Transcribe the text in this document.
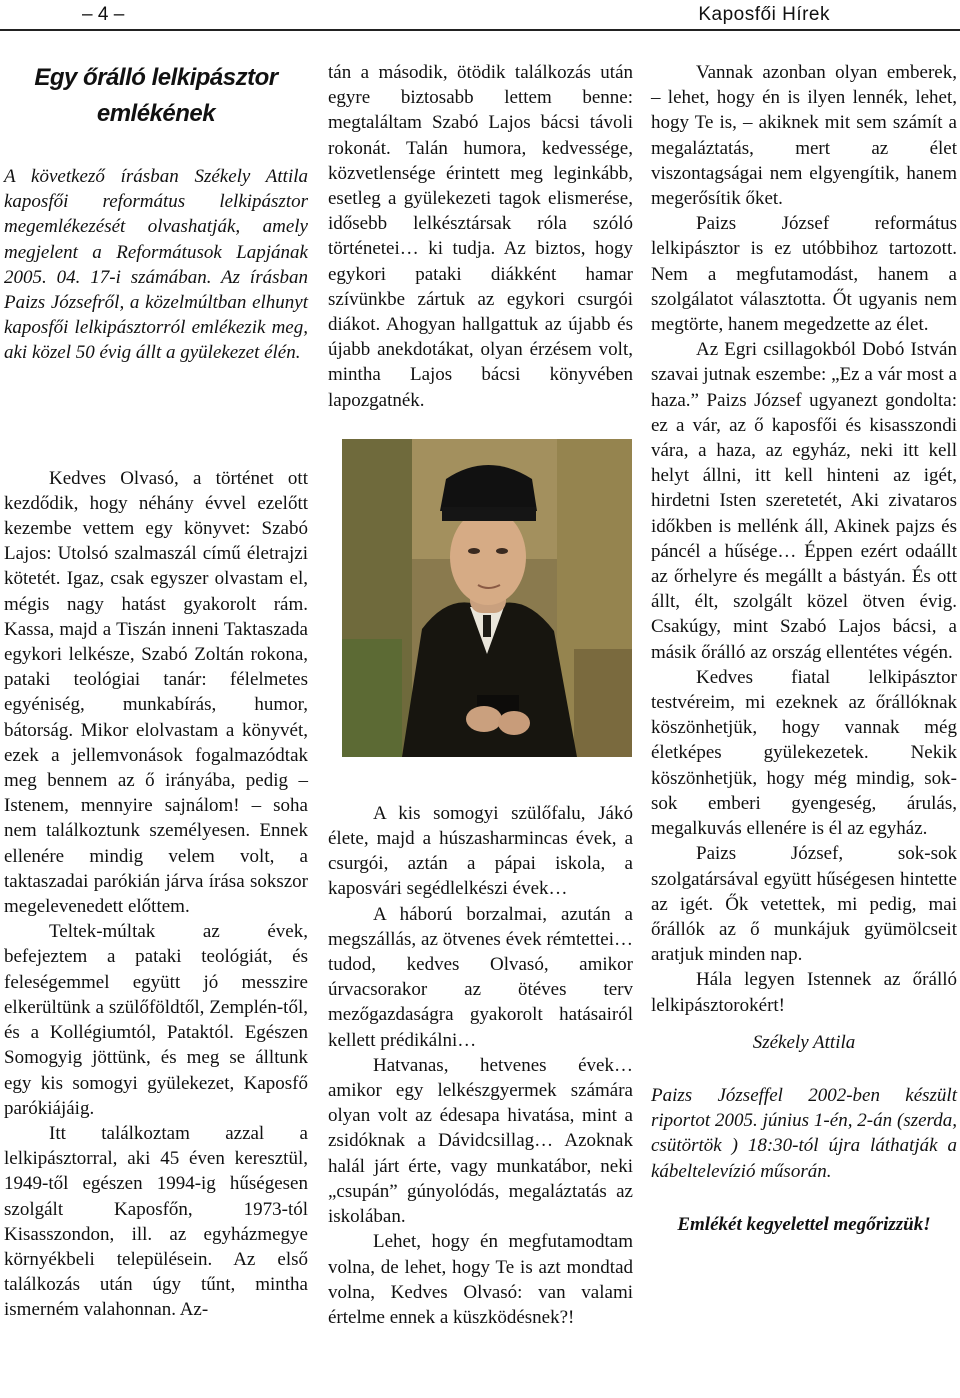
– 4 –	Kaposfői Hírek
Egy őrálló lelkipásztor
emlékének

A következő írásban Székely Attila kaposfői református lelkipásztor megemlékezését olvashatják, amely megjelent a Reformátusok Lapjának 2005. 04. 17-i számában. Az írásban Paizs Józsefről, a közelmúltban elhunyt kaposfői lelkipásztorról emlékezik meg, aki közel 50 évig állt a gyülekezet élén.

Kedves Olvasó, a történet ott kezdődik, hogy néhány évvel ezelőtt kezembe vettem egy könyvet: Szabó Lajos: Utolsó szalmaszál című életrajzi kötetét. Igaz, csak egyszer olvastam el, mégis nagy hatást gyakorolt rám. Kassa, majd a Tiszán inneni Taktaszada egykori lelkésze, Szabó Zoltán rokona, pataki teológiai tanár: félelmetes egyéniség, munkabírás, humor, bátorság. Mikor elolvastam a könyvét, ezek a jellemvonások fogalmazódtak meg bennem az ő irányába, pedig – Istenem, mennyire sajnálom! – soha nem találkoztunk személyesen. Ennek ellenére mindig velem volt, a taktaszadai parókián járva írása sokszor megelevenedett előttem.

Teltek-múltak az évek, befejeztem a pataki teológiát, és feleségemmel együtt jó messzire elkerültünk a szülőföldtől, Zemplén-től, és a Kollégiumtól, Pataktól. Egészen Somogyig jöttünk, és meg se álltunk egy kis somogyi gyülekezet, Kaposfő parókiájáig.

Itt találkoztam azzal a lelkipásztorral, aki 45 éven keresztül, 1949-től egészen 1994-ig hűségesen szolgált Kaposfőn, 1973-tól Kisasszondon, ill. az egyházmegye környékbeli településein. Az első találkozás után úgy tűnt, mintha ismerném valahonnan. Az-

tán a második, ötödik találkozás után egyre biztosabb lettem benne: megtaláltam Szabó Lajos bácsi távoli rokonát. Talán humora, kedvessége, közvetlensége érintett meg leginkább, esetleg a gyülekezeti tagok elismerése, idősebb lelkésztársak róla szóló történetei… ki tudja. Az biztos, hogy egykori pataki diákként hamar szívünkbe zártuk az egykori csurgói diákot. Ahogyan hallgattuk az újabb és újabb anekdotákat, olyan érzésem volt, mintha Lajos bácsi könyvében lapozgatnék.

A kis somogyi szülőfalu, Jákó élete, majd a húszasharmincas évek, a csurgói, aztán a pápai iskola, a kaposvári segédlelkészi évek…

A háború borzalmai, azután a megszállás, az ötvenes évek rémtettei… tudod, kedves Olvasó, amikor úrvacsorakor az ötéves terv mezőgazdaságra gyakorolt hatásairól kellett prédikálni…

Hatvanas, hetvenes évek… amikor egy lelkészgyermek számára olyan volt az édesapa hivatása, mint a zsidóknak a Dávidcsillag… Azoknak halál járt érte, vagy munkatábor, neki „csupán” gúnyolódás, megaláztatás az iskolában.

Lehet, hogy én megfutamodtam volna, de lehet, hogy Te is azt mondtad volna, Kedves Olvasó: van valami értelme ennek a küszködésnek?!

Vannak azonban olyan emberek, – lehet, hogy én is ilyen lennék, lehet, hogy Te is, – akiknek mit sem számít a megaláztatás, mert az élet viszontagságai nem elgyengítik, hanem megerősítik őket.

Paizs József református lelkipásztor is ez utóbbihoz tartozott. Nem a megfutamodást, hanem a szolgálatot választotta. Őt ugyanis nem megtörte, hanem megedzette az élet.

Az Egri csillagokból Dobó István szavai jutnak eszembe: „Ez a vár most a haza.” Paizs József ugyanezt gondolta: ez a vár, az ő kaposfői és kisasszondi vára, a haza, az egyház, neki itt kell helyt állni, itt kell hinteni az igét, hirdetni Isten szeretetét, Aki zivataros időkben is mellénk áll, Akinek pajzs és páncél a hűsége… Éppen ezért odaállt az őrhelyre és megállt a bástyán. És ott állt, élt, szolgált közel ötven évig. Csakúgy, mint Szabó Lajos bácsi, a másik őrálló az ország ellentétes végén.

Kedves fiatal lelkipásztor testvéreim, mi ezeknek az őrállóknak köszönhetjük, hogy vannak még életképes gyülekezetek. Nekik köszönhetjük, hogy még mindig, sok-sok emberi gyengeség, árulás, megalkuvás ellenére is él az egyház.

Paizs József, sok-sok szolgatársával együtt hűségesen hintette az igét. Ők vetettek, mi pedig, mai őrállók az ő munkájuk gyümölcseit aratjuk minden nap.

Hála legyen Istennek az őrálló lelkipásztorokért!

Székely Attila

Paizs Józseffel 2002-ben készült riportot 2005. június 1-én, 2-án (szerda, csütörtök ) 18:30-tól újra láthatják a kábeltelevízió műsorán.

Emlékét kegyelettel megőrizzük!
